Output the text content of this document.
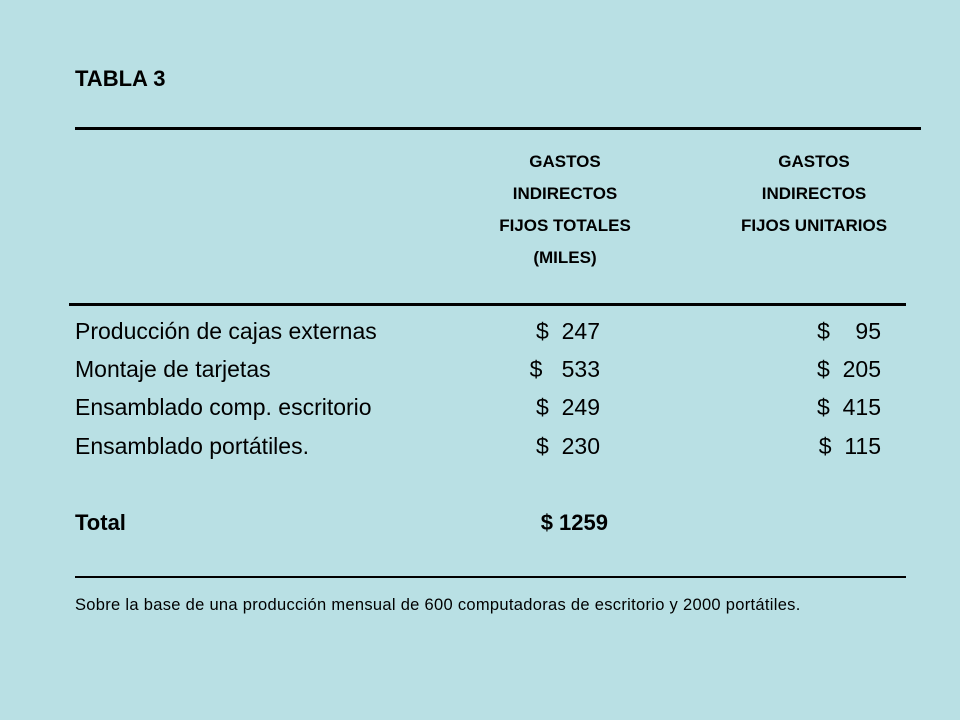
TABLA 3
GASTOS
INDIRECTOS
FIJOS TOTALES
(MILES)
GASTOS
INDIRECTOS
FIJOS UNITARIOS
Producción de cajas externas	$  247	$    95
Montaje de tarjetas	$   533	$  205
Ensamblado comp. escritorio	$  249	$  415
Ensamblado portátiles.	$  230	$  115
Total	$ 1259
Sobre la base de una producción mensual de 600 computadoras de escritorio y 2000 portátiles.
